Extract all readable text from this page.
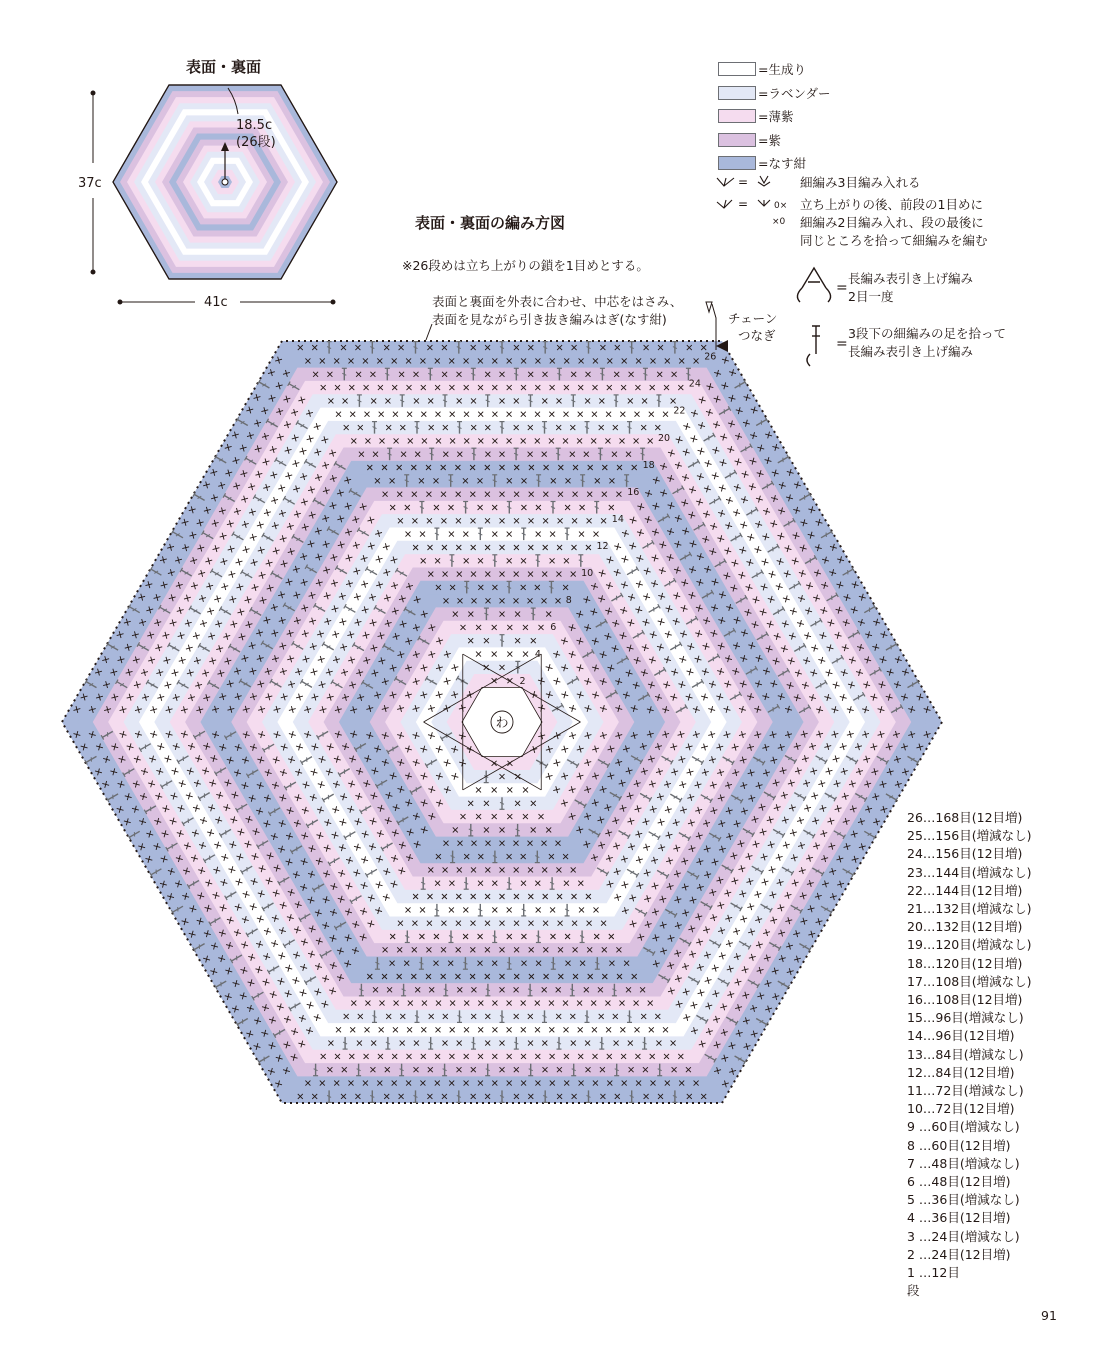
表面・裏面
18.5c
(26段)
37c
41c
=生成り
=ラベンダー
=薄紫
=紫
=なす紺
=
=	0×
×0
細編み3目編み入れる
立ち上がりの後、前段の1目めに
細編み2目編み入れ、段の最後に
同じところを拾って細編みを編む
=
=
長編み表引き上げ編み
2目一度
3段下の細編みの足を拾って
長編み表引き上げ編み
表面・裏面の編み方図
※26段めは立ち上がりの鎖を1目めとする。
表面と裏面を外表に合わせ、中芯をはさみ、
表面を見ながら引き抜き編みはぎ(なす紺)	チェーン
つなぎ
わ
26
24
22
20
18
16
14
12
10
8
6
4
2
26…168目(12目増)
25…156目(増減なし)
24…156目(12目増)
23…144目(増減なし)
22…144目(12目増)
21…132目(増減なし)
20…132目(12目増)
19…120目(増減なし)
18…120目(12目増)
17…108目(増減なし)
16…108目(12目増)
15…96目(増減なし)
14…96目(12目増)
13…84目(増減なし)
12…84目(12目増)
11…72目(増減なし)
10…72目(12目増)
9 …60目(増減なし)
8 …60目(12目増)
7 …48目(増減なし)
6 …48目(12目増)
5 …36目(増減なし)
4 …36目(12目増)
3 …24目(増減なし)
2 …24目(12目増)
1 …12目
段
91
